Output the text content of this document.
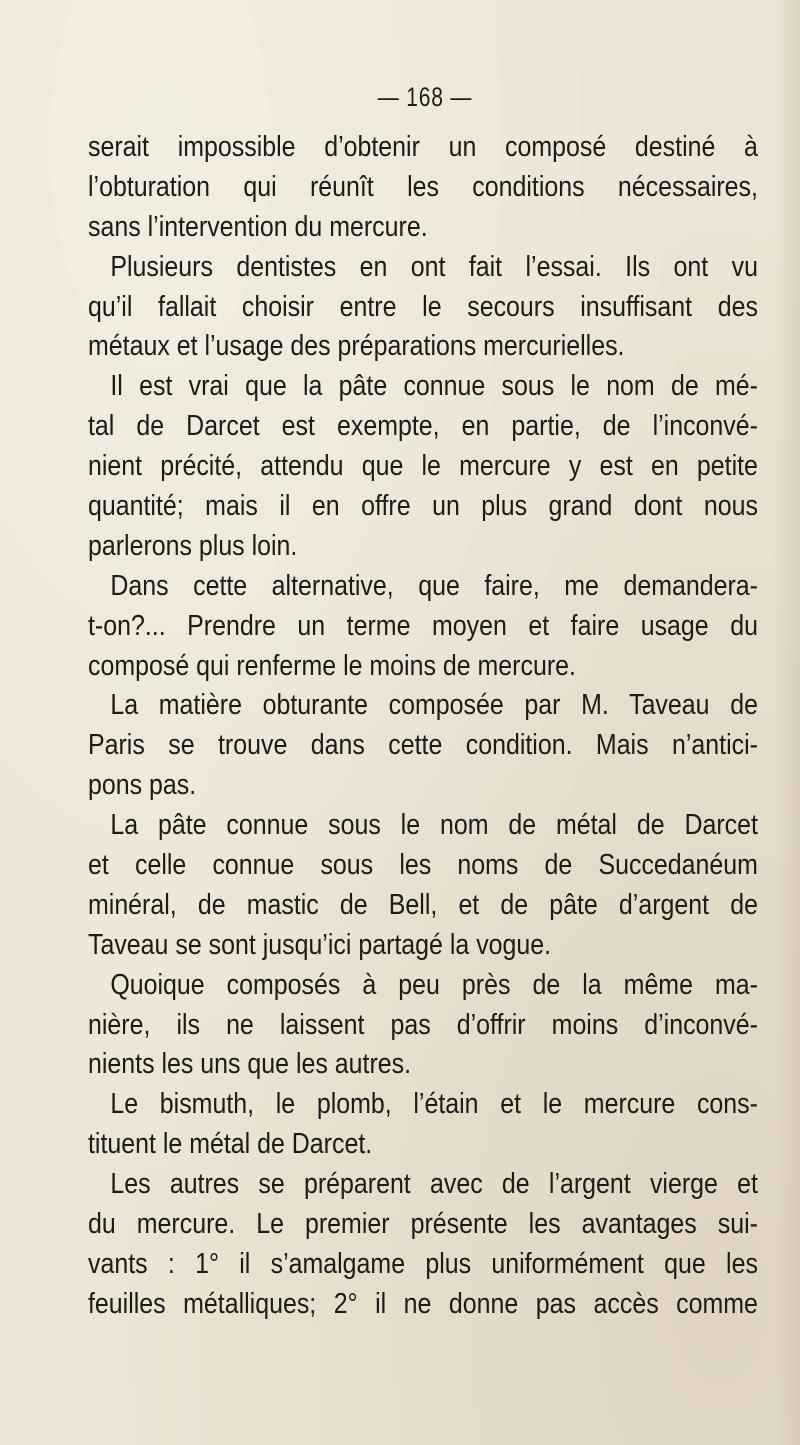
— 168 —
serait impossible d’obtenir un composé destiné à
l’obturation qui réunît les conditions nécessaires,
sans l’intervention du mercure.
Plusieurs dentistes en ont fait l’essai. Ils ont vu
qu’il fallait choisir entre le secours insuffisant des
métaux et l’usage des préparations mercurielles.
Il est vrai que la pâte connue sous le nom de mé-
tal de Darcet est exempte, en partie, de l’inconvé-
nient précité, attendu que le mercure y est en petite
quantité; mais il en offre un plus grand dont nous
parlerons plus loin.
Dans cette alternative, que faire, me demandera-
t-on?... Prendre un terme moyen et faire usage du
composé qui renferme le moins de mercure.
La matière obturante composée par M. Taveau de
Paris se trouve dans cette condition. Mais n’antici-
pons pas.
La pâte connue sous le nom de métal de Darcet
et celle connue sous les noms de Succedanéum
minéral, de mastic de Bell, et de pâte d’argent de
Taveau se sont jusqu’ici partagé la vogue.
Quoique composés à peu près de la même ma-
nière, ils ne laissent pas d’offrir moins d’inconvé-
nients les uns que les autres.
Le bismuth, le plomb, l’étain et le mercure cons-
tituent le métal de Darcet.
Les autres se préparent avec de l’argent vierge et
du mercure. Le premier présente les avantages sui-
vants : 1° il s’amalgame plus uniformément que les
feuilles métalliques; 2° il ne donne pas accès comme
